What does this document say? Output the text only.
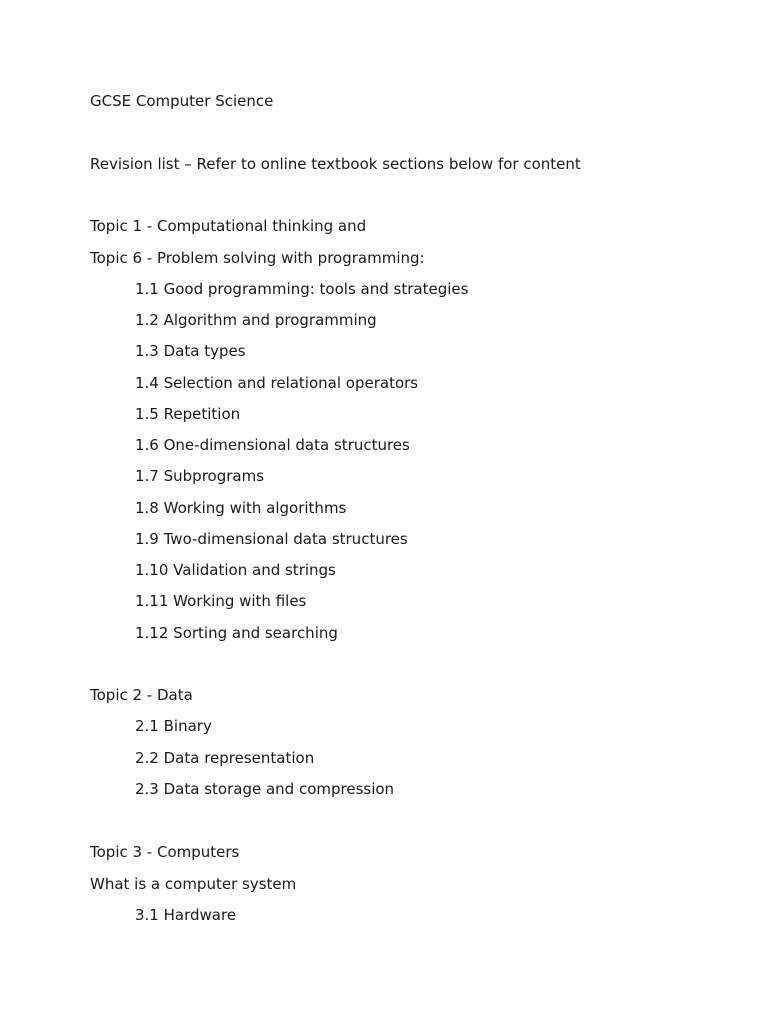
GCSE Computer Science
Revision list – Refer to online textbook sections below for content
Topic 1 - Computational thinking and
Topic 6 - Problem solving with programming:
1.1 Good programming: tools and strategies
1.2 Algorithm and programming
1.3 Data types
1.4 Selection and relational operators
1.5 Repetition
1.6 One-dimensional data structures
1.7 Subprograms
1.8 Working with algorithms
1.9 Two-dimensional data structures
1.10 Validation and strings
1.11 Working with files
1.12 Sorting and searching
Topic 2 - Data
2.1 Binary
2.2 Data representation
2.3 Data storage and compression
Topic 3 - Computers
What is a computer system
3.1 Hardware
